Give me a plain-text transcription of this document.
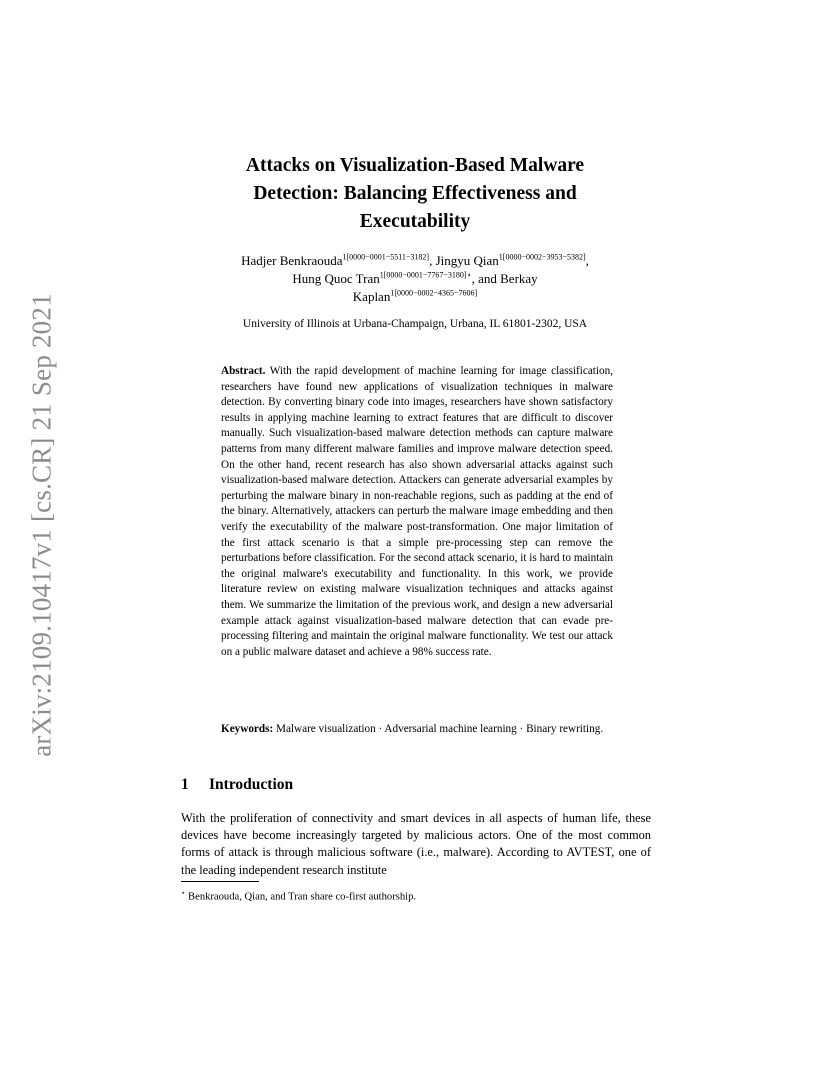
arXiv:2109.10417v1 [cs.CR] 21 Sep 2021
Attacks on Visualization-Based Malware
Detection: Balancing Effectiveness and
Executability
Hadjer Benkraouda$^{1[0000-0001-5511-3182]}$, Jingyu Qian$^{1[0000-0002-3953-5382]}$,
Hung Quoc Tran$^{1[0000-0001-7767-3180]⋆}$, and Berkay
Kaplan$^{1[0000-0002-4365-7606]}$
University of Illinois at Urbana-Champaign, Urbana, IL 61801-2302, USA
Abstract. With the rapid development of machine learning for image classification, researchers have found new applications of visualization techniques in malware detection. By converting binary code into images, researchers have shown satisfactory results in applying machine learning to extract features that are difficult to discover manually. Such visualization-based malware detection methods can capture malware patterns from many different malware families and improve malware detection speed. On the other hand, recent research has also shown adversarial attacks against such visualization-based malware detection. Attackers can generate adversarial examples by perturbing the malware binary in non-reachable regions, such as padding at the end of the binary. Alternatively, attackers can perturb the malware image embedding and then verify the executability of the malware post-transformation. One major limitation of the first attack scenario is that a simple pre-processing step can remove the perturbations before classification. For the second attack scenario, it is hard to maintain the original malware's executability and functionality. In this work, we provide literature review on existing malware visualization techniques and attacks against them. We summarize the limitation of the previous work, and design a new adversarial example attack against visualization-based malware detection that can evade pre-processing filtering and maintain the original malware functionality. We test our attack on a public malware dataset and achieve a 98% success rate.
Keywords: Malware visualization · Adversarial machine learning · Binary rewriting.
1 Introduction
With the proliferation of connectivity and smart devices in all aspects of human life, these devices have become increasingly targeted by malicious actors. One of the most common forms of attack is through malicious software (i.e., malware). According to AVTEST, one of the leading independent research institute
⋆ Benkraouda, Qian, and Tran share co-first authorship.
